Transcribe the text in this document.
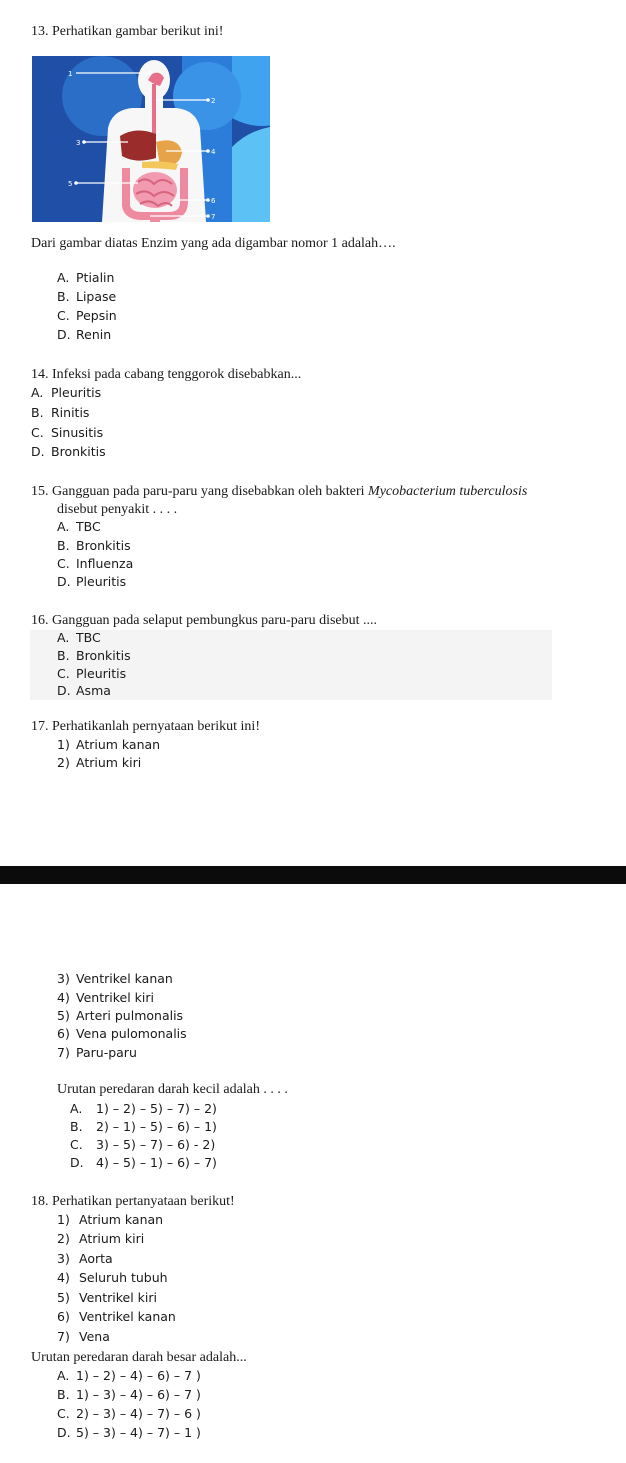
13. Perhatikan gambar berikut ini!
1
2
3
4
5
6
7
Dari gambar diatas Enzim yang ada digambar nomor 1 adalah….
A. Ptialin
B. Lipase
C. Pepsin
D. Renin
14. Infeksi pada cabang tenggorok disebabkan...
A. Pleuritis
B. Rinitis
C. Sinusitis
D. Bronkitis
15. Gangguan pada paru-paru yang disebabkan oleh bakteri Mycobacterium tuberculosis
disebut penyakit . . . .
A. TBC
B. Bronkitis
C. Influenza
D. Pleuritis
16. Gangguan pada selaput pembungkus paru-paru disebut ....
A. TBC
B. Bronkitis
C. Pleuritis
D. Asma
17. Perhatikanlah pernyataan berikut ini!
1) Atrium kanan
2) Atrium kiri
3) Ventrikel kanan
4) Ventrikel kiri
5) Arteri pulmonalis
6) Vena pulomonalis
7) Paru-paru
Urutan peredaran darah kecil adalah . . . .
A. 1) – 2) – 5) – 7) – 2)
B. 2) – 1) – 5) – 6) – 1)
C. 3) – 5) – 7) – 6) - 2)
D. 4) – 5) – 1) – 6) – 7)
18. Perhatikan pertanyataan berikut!
1) Atrium kanan
2) Atrium kiri
3) Aorta
4) Seluruh tubuh
5) Ventrikel kiri
6) Ventrikel kanan
7) Vena
Urutan peredaran darah besar adalah...
A. 1) – 2) – 4) – 6) – 7 )
B. 1) – 3) – 4) – 6) – 7 )
C. 2) – 3) – 4) – 7) – 6 )
D. 5) – 3) – 4) – 7) – 1 )
